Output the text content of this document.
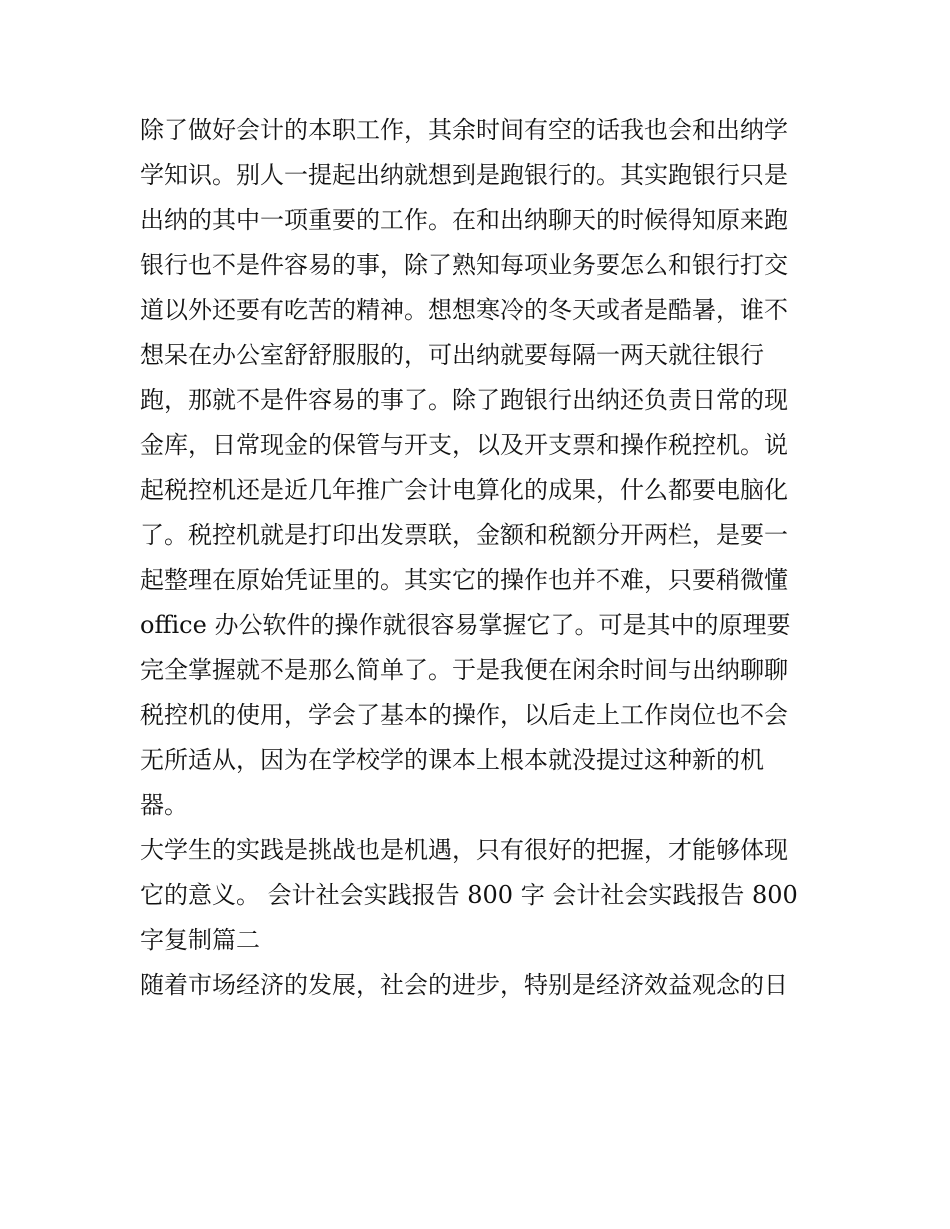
除了做好会计的本职工作，其余时间有空的话我也会和出纳学
学知识。别人一提起出纳就想到是跑银行的。其实跑银行只是
出纳的其中一项重要的工作。在和出纳聊天的时候得知原来跑
银行也不是件容易的事，除了熟知每项业务要怎么和银行打交
道以外还要有吃苦的精神。想想寒冷的冬天或者是酷暑，谁不
想呆在办公室舒舒服服的，可出纳就要每隔一两天就往银行
跑，那就不是件容易的事了。除了跑银行出纳还负责日常的现
金库，日常现金的保管与开支，以及开支票和操作税控机。说
起税控机还是近几年推广会计电算化的成果，什么都要电脑化
了。税控机就是打印出发票联，金额和税额分开两栏，是要一
起整理在原始凭证里的。其实它的操作也并不难，只要稍微懂
office 办公软件的操作就很容易掌握它了。可是其中的原理要
完全掌握就不是那么简单了。于是我便在闲余时间与出纳聊聊
税控机的使用，学会了基本的操作，以后走上工作岗位也不会
无所适从，因为在学校学的课本上根本就没提过这种新的机
器。
大学生的实践是挑战也是机遇，只有很好的把握，才能够体现
它的意义。 会计社会实践报告 800 字 会计社会实践报告 800
字复制篇二
随着市场经济的发展，社会的进步，特别是经济效益观念的日
